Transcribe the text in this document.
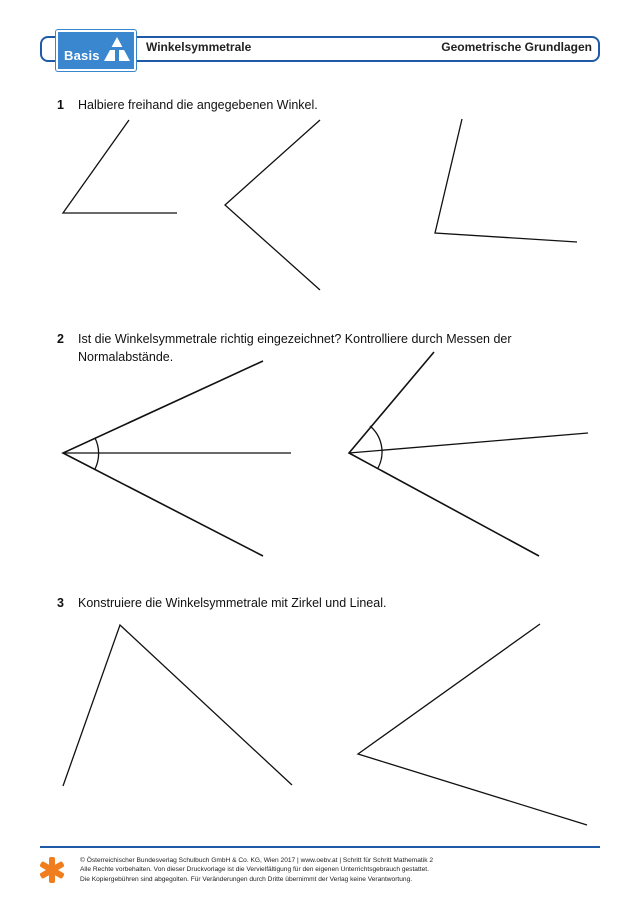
Basis
Winkelsymmetrale	Geometrische Grundlagen
1 Halbiere freihand die angegebenen Winkel.
2 Ist die Winkelsymmetrale richtig eingezeichnet? Kontrolliere durch Messen der Normalabstände.
3 Konstruiere die Winkelsymmetrale mit Zirkel und Lineal.
© Österreichischer Bundesverlag Schulbuch GmbH & Co. KG, Wien 2017 | www.oebv.at | Schritt für Schritt Mathematik 2
Alle Rechte vorbehalten. Von dieser Druckvorlage ist die Vervielfältigung für den eigenen Unterrichtsgebrauch gestattet.
Die Kopiergebühren sind abgegolten. Für Veränderungen durch Dritte übernimmt der Verlag keine Verantwortung.
